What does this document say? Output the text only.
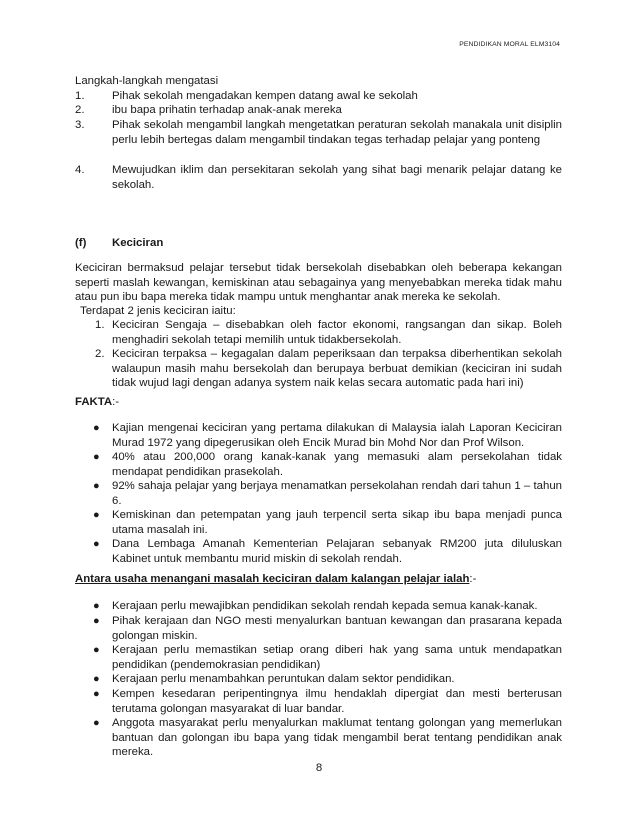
PENDIDIKAN MORAL ELM3104
Langkah-langkah mengatasi
1. Pihak sekolah mengadakan kempen datang awal ke sekolah
2. ibu bapa prihatin terhadap anak-anak mereka
3. Pihak sekolah mengambil langkah mengetatkan peraturan sekolah manakala unit disiplin perlu lebih bertegas dalam mengambil tindakan tegas terhadap pelajar yang ponteng
4. Mewujudkan iklim dan persekitaran sekolah yang sihat bagi menarik pelajar datang ke sekolah.
(f) Keciciran
Keciciran bermaksud pelajar tersebut tidak bersekolah disebabkan oleh beberapa kekangan seperti maslah kewangan, kemiskinan atau sebagainya yang menyebabkan mereka tidak mahu atau pun ibu bapa mereka tidak mampu untuk menghantar anak mereka ke sekolah.
Terdapat 2 jenis keciciran iaitu:
1. Keciciran Sengaja – disebabkan oleh factor ekonomi, rangsangan dan sikap. Boleh menghadiri sekolah tetapi memilih untuk tidakbersekolah.
2. Keciciran terpaksa – kegagalan dalam peperiksaan dan terpaksa diberhentikan sekolah walaupun masih mahu bersekolah dan berupaya berbuat demikian (keciciran ini sudah tidak wujud lagi dengan adanya system naik kelas secara automatic pada hari ini)
FAKTA:-
● Kajian mengenai keciciran yang pertama dilakukan di Malaysia ialah Laporan Keciciran Murad 1972 yang dipegerusikan oleh Encik Murad bin Mohd Nor dan Prof Wilson.
● 40% atau 200,000 orang kanak-kanak yang memasuki alam persekolahan tidak mendapat pendidikan prasekolah.
● 92% sahaja pelajar yang berjaya menamatkan persekolahan rendah dari tahun 1 – tahun 6.
● Kemiskinan dan petempatan yang jauh terpencil serta sikap ibu bapa menjadi punca utama masalah ini.
● Dana Lembaga Amanah Kementerian Pelajaran sebanyak RM200 juta diluluskan Kabinet untuk membantu murid miskin di sekolah rendah.
Antara usaha menangani masalah keciciran dalam kalangan pelajar ialah:-
● Kerajaan perlu mewajibkan pendidikan sekolah rendah kepada semua kanak-kanak.
● Pihak kerajaan dan NGO mesti menyalurkan bantuan kewangan dan prasarana kepada golongan miskin.
● Kerajaan perlu memastikan setiap orang diberi hak yang sama untuk mendapatkan pendidikan (pendemokrasian pendidikan)
● Kerajaan perlu menambahkan peruntukan dalam sektor pendidikan.
● Kempen kesedaran peripentingnya ilmu hendaklah dipergiat dan mesti berterusan terutama golongan masyarakat di luar bandar.
● Anggota masyarakat perlu menyalurkan maklumat tentang golongan yang memerlukan bantuan dan golongan ibu bapa yang tidak mengambil berat tentang pendidikan anak mereka.
8
